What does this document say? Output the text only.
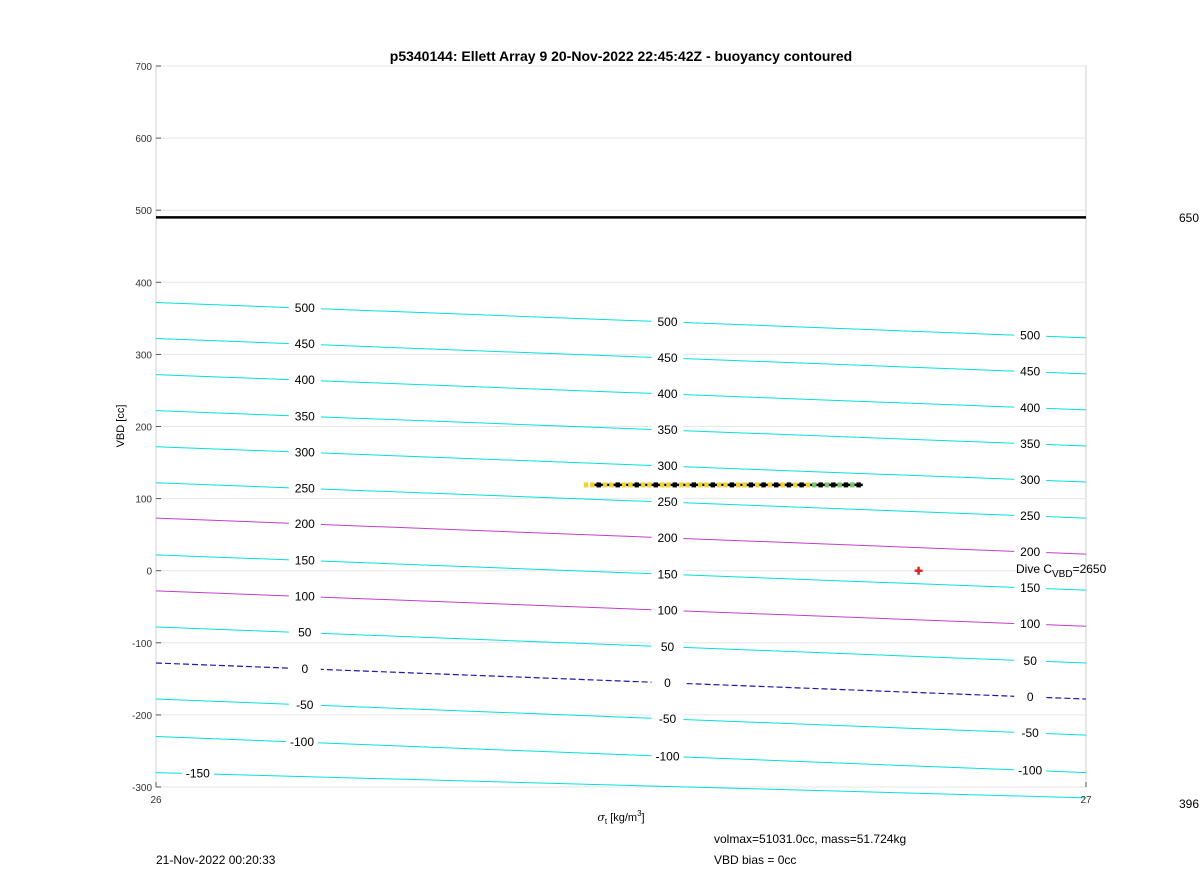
-150
-100
-100
-100
-50
-50
-50
0
0
0
50
50
50
100
100
100
150
150
150
200
200
200
250
250
250
300
300
300
350
350
350
400
400
400
450
450
450
500
500
500
-300
-200
-100
0
100
200
300
400
500
600
700
26	27
p5340144: Ellett Array 9 20-Nov-2022 22:45:42Z - buoyancy contoured
VBD [cc]
$\sigma_t$ $[kg/m^3]$
650
396
Dive $C_{VBD}=2650$
21-Nov-2022 00:20:33
volmax=51031.0cc, mass=51.724kg
VBD bias = 0cc
